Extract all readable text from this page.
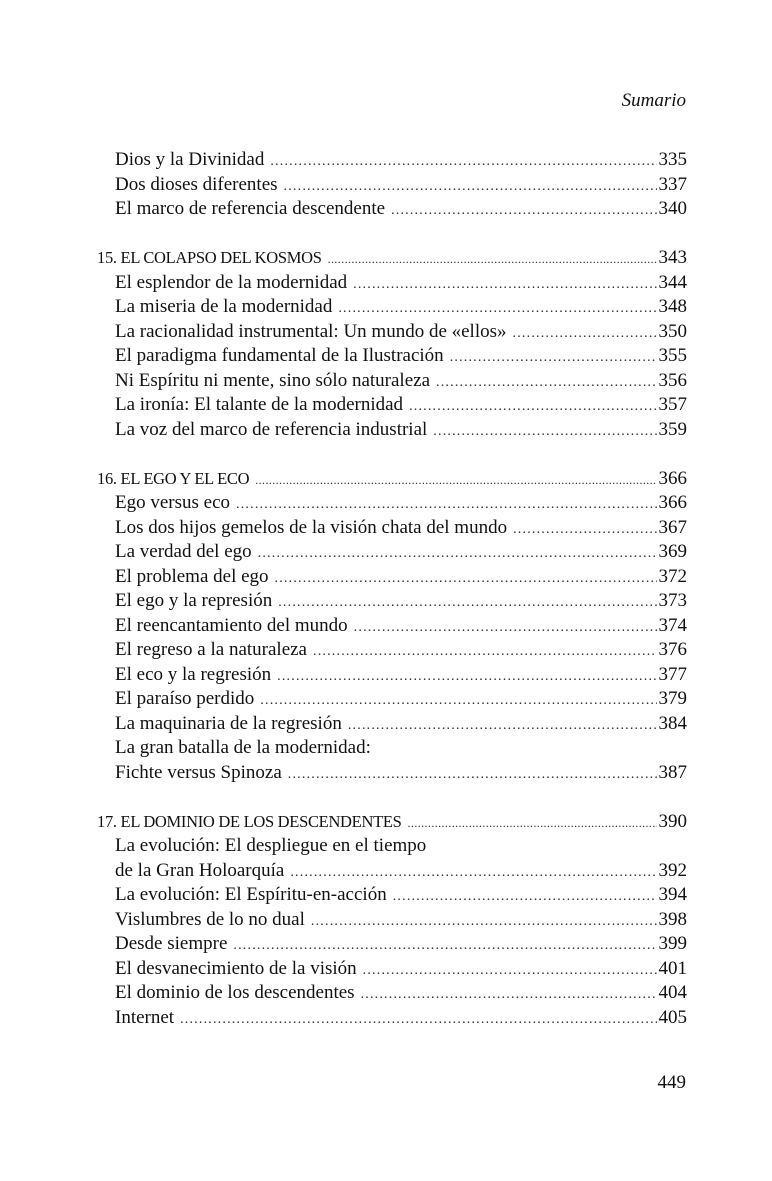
Sumario
Dios y la Divinidad .....	335
Dos dioses diferentes .....	337
El marco de referencia descendente .....	340
15. EL COLAPSO DEL KOSMOS .....	343
El esplendor de la modernidad .....	344
La miseria de la modernidad .....	348
La racionalidad instrumental: Un mundo de «ellos» .....	350
El paradigma fundamental de la Ilustración .....	355
Ni Espíritu ni mente, sino sólo naturaleza .....	356
La ironía: El talante de la modernidad .....	357
La voz del marco de referencia industrial .....	359
16. EL EGO Y EL ECO .....	366
Ego versus eco .....	366
Los dos hijos gemelos de la visión chata del mundo .....	367
La verdad del ego .....	369
El problema del ego .....	372
El ego y la represión .....	373
El reencantamiento del mundo .....	374
El regreso a la naturaleza .....	376
El eco y la regresión .....	377
El paraíso perdido .....	379
La maquinaria de la regresión .....	384
La gran batalla de la modernidad:
Fichte versus Spinoza .....	387
17. EL DOMINIO DE LOS DESCENDENTES .....	390
La evolución: El despliegue en el tiempo
de la Gran Holoarquía .....	392
La evolución: El Espíritu-en-acción .....	394
Vislumbres de lo no dual .....	398
Desde siempre .....	399
El desvanecimiento de la visión .....	401
El dominio de los descendentes .....	404
Internet .....	405
449
